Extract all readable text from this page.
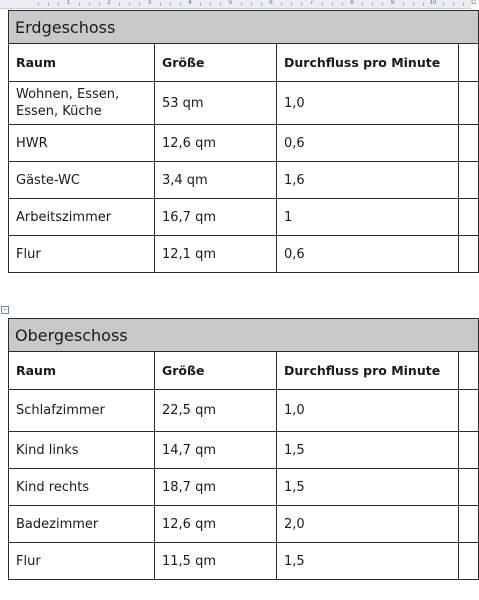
1	2	3	4	5	6	7	8	9	10	11
+
Erdgeschoss			
Raum	Größe	Durchfluss pro Minute	
Wohnen, Essen, Essen, Küche	53 qm	1,0	
HWR	12,6 qm	0,6	
Gäste-WC	3,4 qm	1,6	
Arbeitszimmer	16,7 qm	1	
Flur	12,1 qm	0,6	
Obergeschoss			
Raum	Größe	Durchfluss pro Minute	
Schlafzimmer	22,5 qm	1,0	
Kind links	14,7 qm	1,5	
Kind rechts	18,7 qm	1,5	
Badezimmer	12,6 qm	2,0	
Flur	11,5 qm	1,5	
